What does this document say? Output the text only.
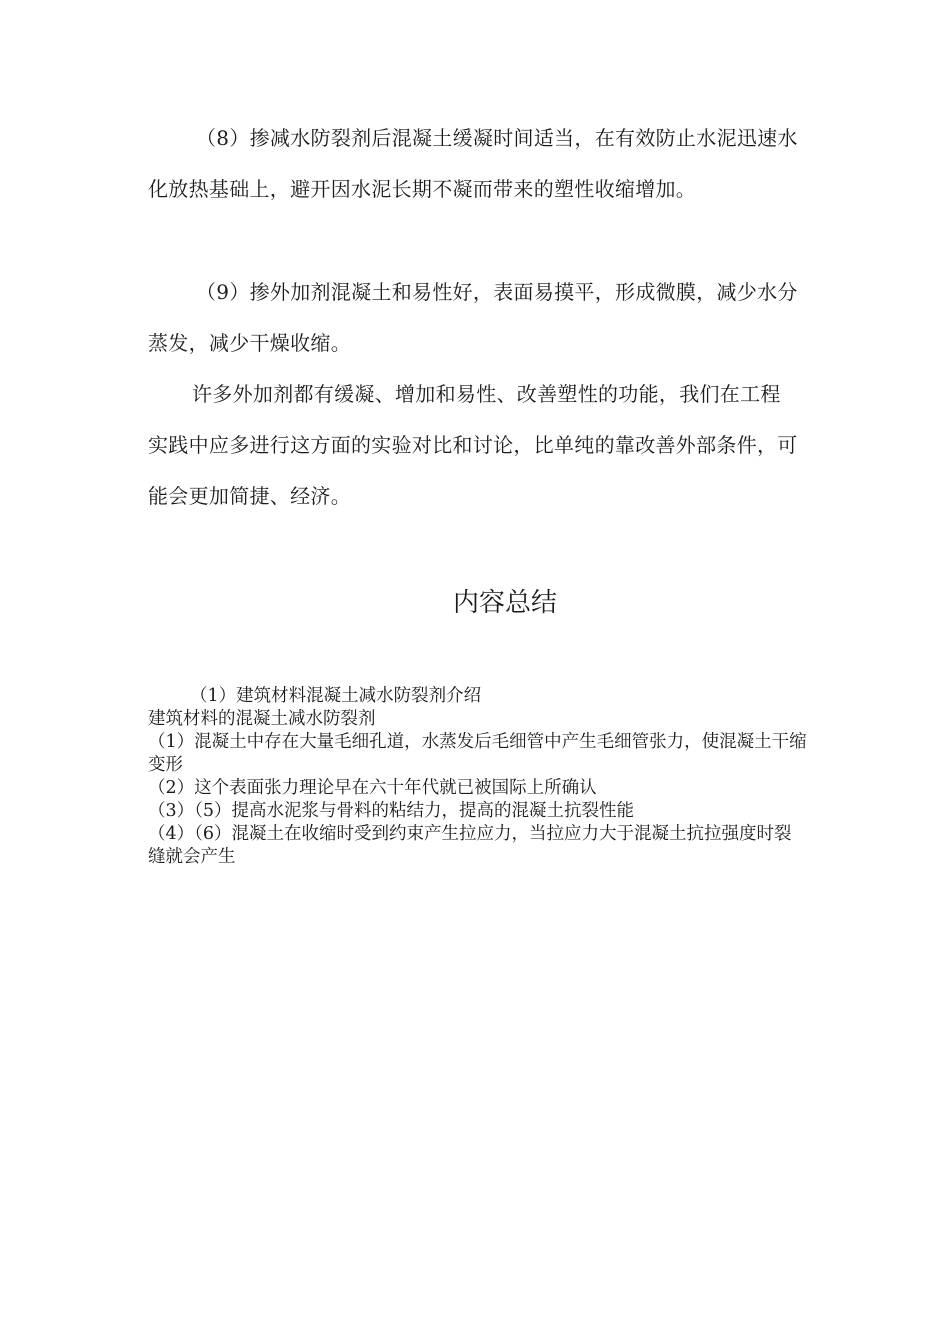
（8）掺减水防裂剂后混凝土缓凝时间适当，在有效防止水泥迅速水化放热基础上，避开因水泥长期不凝而带来的塑性收缩增加。

（9）掺外加剂混凝土和易性好，表面易摸平，形成微膜，减少水分蒸发，减少干燥收缩。

许多外加剂都有缓凝、增加和易性、改善塑性的功能，我们在工程实践中应多进行这方面的实验对比和讨论，比单纯的靠改善外部条件，可能会更加简捷、经济。

内容总结

（1）建筑材料混凝土减水防裂剂介绍

建筑材料的混凝土减水防裂剂

（1）混凝土中存在大量毛细孔道，水蒸发后毛细管中产生毛细管张力，使混凝土干缩变形

（2）这个表面张力理论早在六十年代就已被国际上所确认

（3）（5）提高水泥浆与骨料的粘结力，提高的混凝土抗裂性能

（4）（6）混凝土在收缩时受到约束产生拉应力，当拉应力大于混凝土抗拉强度时裂缝就会产生
